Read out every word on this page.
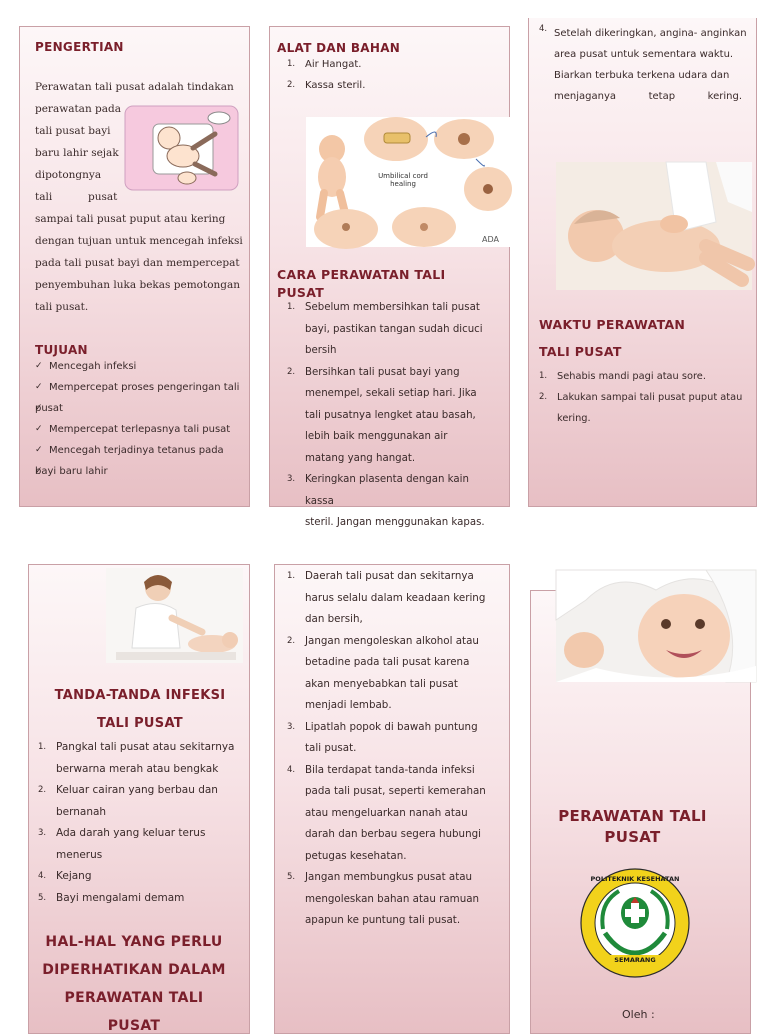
PENGERTIAN
Perawatan tali pusat adalah tindakan
perawatan pada
tali pusat bayi
baru lahir sejak
dipotongnya
tali	pusat
sampai tali pusat puput atau kering
dengan tujuan untuk mencegah infeksi
pada tali pusat bayi dan mempercepat
penyembuhan luka bekas pemotongan
tali pusat.
TUJUAN
✓ Mencegah infeksi
✓ Mempercepat proses pengeringan tali
✓ pusat
✓ Mempercepat terlepasnya tali pusat
✓ Mencegah terjadinya tetanus pada
✓ bayi baru lahir
ALAT DAN BAHAN
Air Hangat.
Kassa steril.
Umbilical cord healing
ADA
CARA PERAWATAN TALI
PUSAT
Sebelum membersihkan tali pusat
bayi, pastikan tangan sudah dicuci
bersih
Bersihkan tali pusat bayi yang
menempel, sekali setiap hari. Jika
tali pusatnya lengket atau basah,
lebih baik menggunakan air
matang yang hangat.
Keringkan plasenta dengan kain kassa
steril. Jangan menggunakan kapas.
4. Setelah dikeringkan, angina- anginkan
area pusat untuk sementara waktu.
Biarkan terbuka terkena udara dan
menjaganya tetap kering.
WAKTU PERAWATAN
TALI PUSAT
Sehabis mandi pagi atau sore.
Lakukan sampai tali pusat puput atau
kering.
TANDA-TANDA INFEKSI
TALI PUSAT
Pangkal tali pusat atau sekitarnya
berwarna merah atau bengkak
Keluar cairan yang berbau dan
bernanah
Ada darah yang keluar terus
menerus
Kejang
Bayi mengalami demam
HAL-HAL YANG PERLU
DIPERHATIKAN DALAM
PERAWATAN TALI
PUSAT
Daerah tali pusat dan sekitarnya
harus selalu dalam keadaan kering
dan bersih,
Jangan mengoleskan alkohol atau
betadine pada tali pusat karena
akan menyebabkan tali pusat
menjadi lembab.
Lipatlah popok di bawah puntung
tali pusat.
Bila terdapat tanda-tanda infeksi
pada tali pusat, seperti kemerahan
atau mengeluarkan nanah atau
darah dan berbau segera hubungi
petugas kesehatan.
Jangan membungkus pusat atau
mengoleskan bahan atau ramuan
apapun ke puntung tali pusat.
PERAWATAN TALI
PUSAT
POLITEKNIK KESEHATAN
SEMARANG
Oleh :
